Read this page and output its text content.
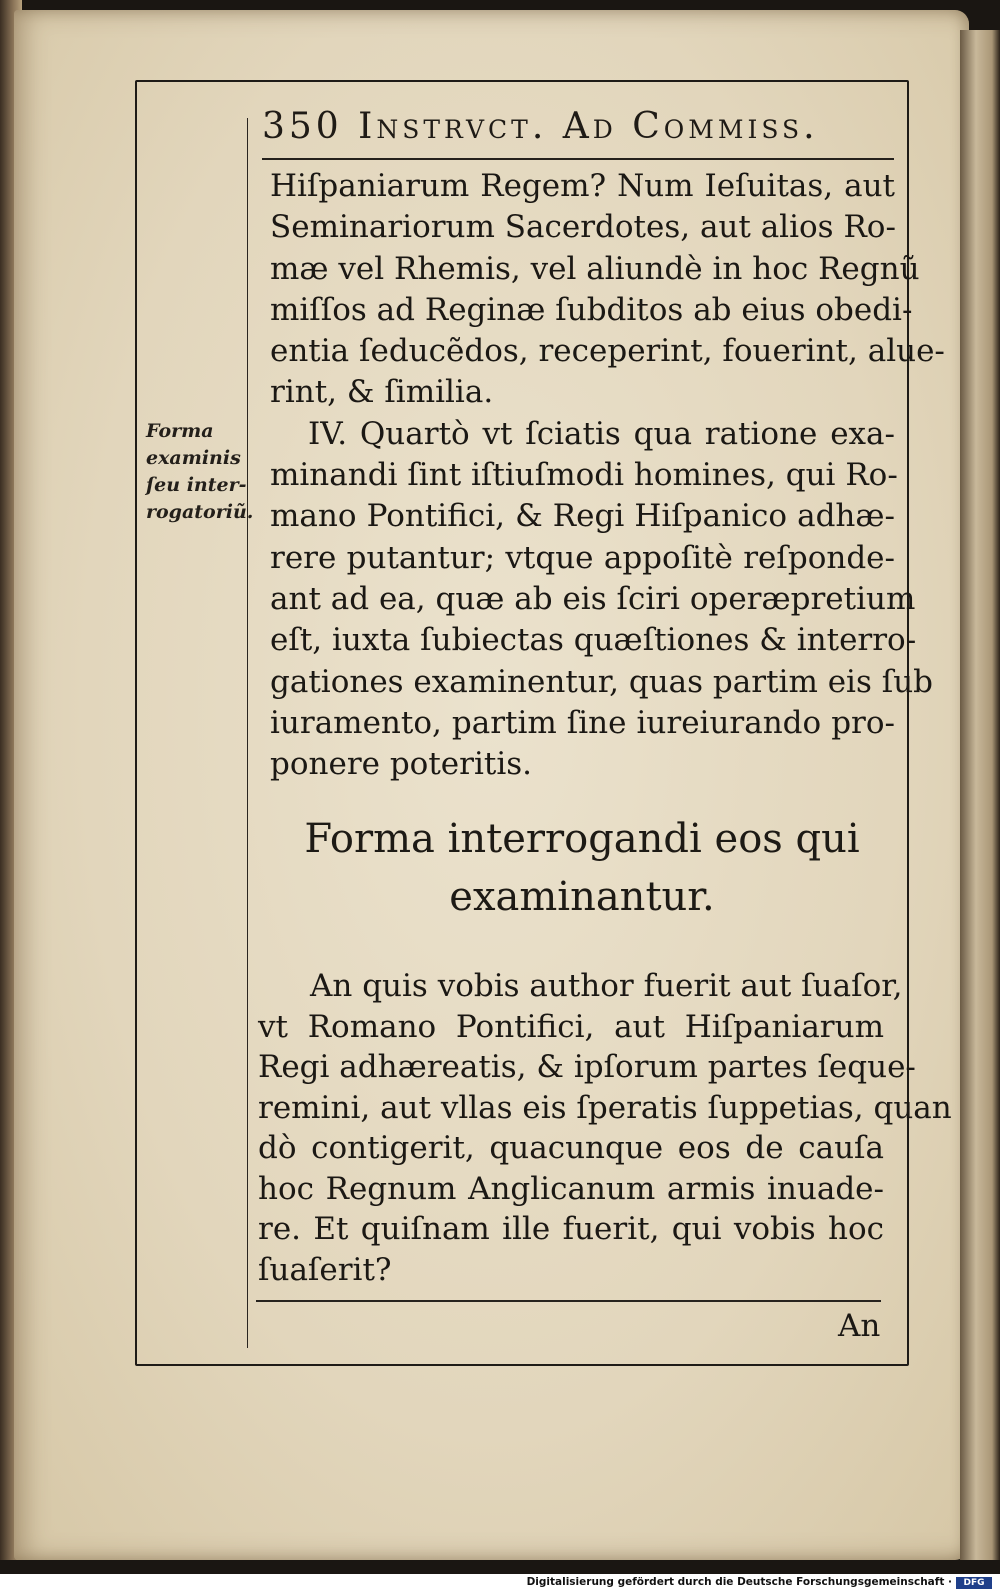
350 Instrvct. Ad Commiss.
Forma
examinis
ſeu inter-
rogatoriũ.
Hiſpaniarum Regem? Num Ieſuitas, aut
Seminariorum Sacerdotes, aut alios Ro-
mæ vel Rhemis, vel aliundè in hoc Regnũ
miſſos ad Reginæ ſubditos ab eius obedi-
entia ſeducẽdos, receperint, fouerint, alue-
rint, & ſimilia.
IV. Quartò vt ſciatis qua ratione exa-
minandi ſint iſtiuſmodi homines, qui Ro-
mano Pontifici, & Regi Hiſpanico adhæ-
rere putantur; vtque appoſitè reſponde-
ant ad ea, quæ ab eis ſciri operæpretium
eſt, iuxta ſubiectas quæſtiones & interro-
gationes examinentur, quas partim eis ſub
iuramento, partim ſine iureiurando pro-
ponere poteritis.
Forma interrogandi eos qui
examinantur.
An quis vobis author fuerit aut ſuaſor,
vt Romano Pontifici, aut Hiſpaniarum
Regi adhæreatis, & ipſorum partes ſeque-
remini, aut vllas eis ſperatis ſuppetias, quan
dò contigerit, quacunque eos de cauſa
hoc Regnum Anglicanum armis inuade-
re. Et quiſnam ille fuerit, qui vobis hoc
ſuaſerit?
An
Digitalisierung gefördert durch die Deutsche Forschungsgemeinschaft ·	DFG
